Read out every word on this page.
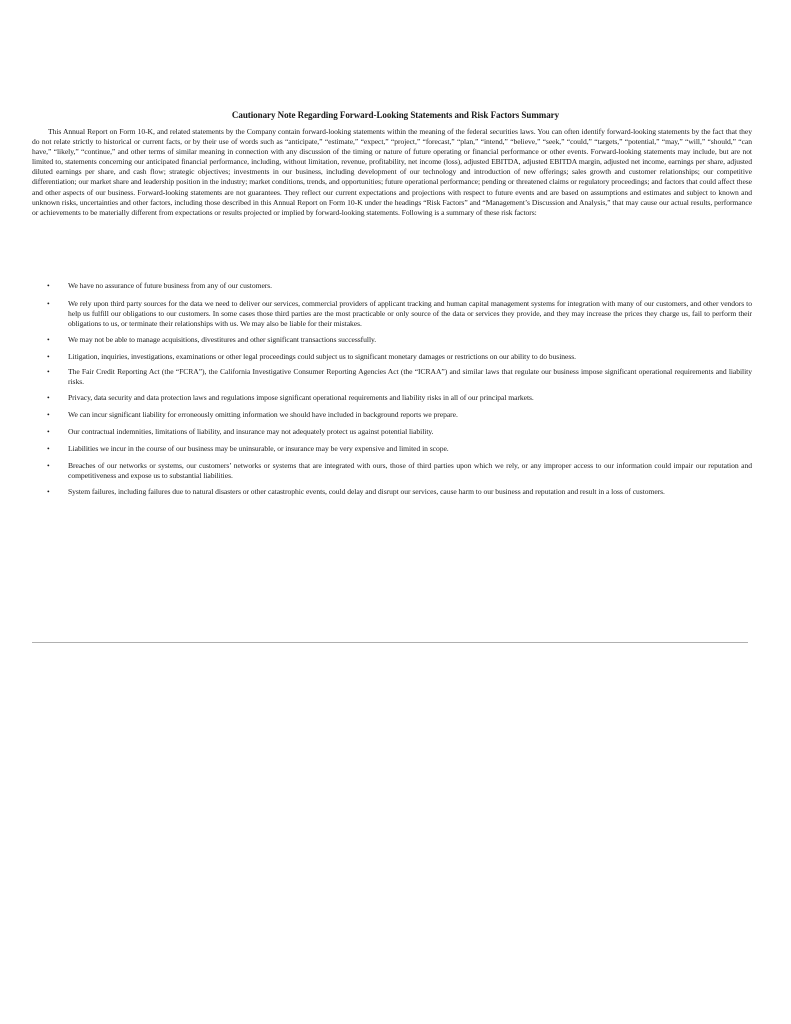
Cautionary Note Regarding Forward-Looking Statements and Risk Factors Summary

This Annual Report on Form 10-K, and related statements by the Company contain forward-looking statements within the meaning of the federal securities laws. You can often identify forward-looking statements by the fact that they do not relate strictly to historical or current facts, or by their use of words such as “anticipate,” “estimate,” “expect,” “project,” “forecast,” “plan,” “intend,” “believe,” “seek,” “could,” “targets,” “potential,” “may,” “will,” “should,” “can have,” “likely,” “continue,” and other terms of similar meaning in connection with any discussion of the timing or nature of future operating or financial performance or other events. Forward-looking statements may include, but are not limited to, statements concerning our anticipated financial performance, including, without limitation, revenue, profitability, net income (loss), adjusted EBITDA, adjusted EBITDA margin, adjusted net income, earnings per share, adjusted diluted earnings per share, and cash flow; strategic objectives; investments in our business, including development of our technology and introduction of new offerings; sales growth and customer relationships; our competitive differentiation; our market share and leadership position in the industry; market conditions, trends, and opportunities; future operational performance; pending or threatened claims or regulatory proceedings; and factors that could affect these and other aspects of our business. Forward-looking statements are not guarantees. They reflect our current expectations and projections with respect to future events and are based on assumptions and estimates and subject to known and unknown risks, uncertainties and other factors, including those described in this Annual Report on Form 10-K under the headings “Risk Factors” and “Management’s Discussion and Analysis,” that may cause our actual results, performance or achievements to be materially different from expectations or results projected or implied by forward-looking statements. Following is a summary of these risk factors:

• We have no assurance of future business from any of our customers.
• We rely upon third party sources for the data we need to deliver our services, commercial providers of applicant tracking and human capital management systems for integration with many of our customers, and other vendors to help us fulfill our obligations to our customers. In some cases those third parties are the most practicable or only source of the data or services they provide, and they may increase the prices they charge us, fail to perform their obligations to us, or terminate their relationships with us. We may also be liable for their mistakes.
• We may not be able to manage acquisitions, divestitures and other significant transactions successfully.
• Litigation, inquiries, investigations, examinations or other legal proceedings could subject us to significant monetary damages or restrictions on our ability to do business.
• The Fair Credit Reporting Act (the “FCRA”), the California Investigative Consumer Reporting Agencies Act (the “ICRAA”) and similar laws that regulate our business impose significant operational requirements and liability risks.
• Privacy, data security and data protection laws and regulations impose significant operational requirements and liability risks in all of our principal markets.
• We can incur significant liability for erroneously omitting information we should have included in background reports we prepare.
• Our contractual indemnities, limitations of liability, and insurance may not adequately protect us against potential liability.
• Liabilities we incur in the course of our business may be uninsurable, or insurance may be very expensive and limited in scope.
• Breaches of our networks or systems, our customers’ networks or systems that are integrated with ours, those of third parties upon which we rely, or any improper access to our information could impair our reputation and competitiveness and expose us to substantial liabilities.
• System failures, including failures due to natural disasters or other catastrophic events, could delay and disrupt our services, cause harm to our business and reputation and result in a loss of customers.
